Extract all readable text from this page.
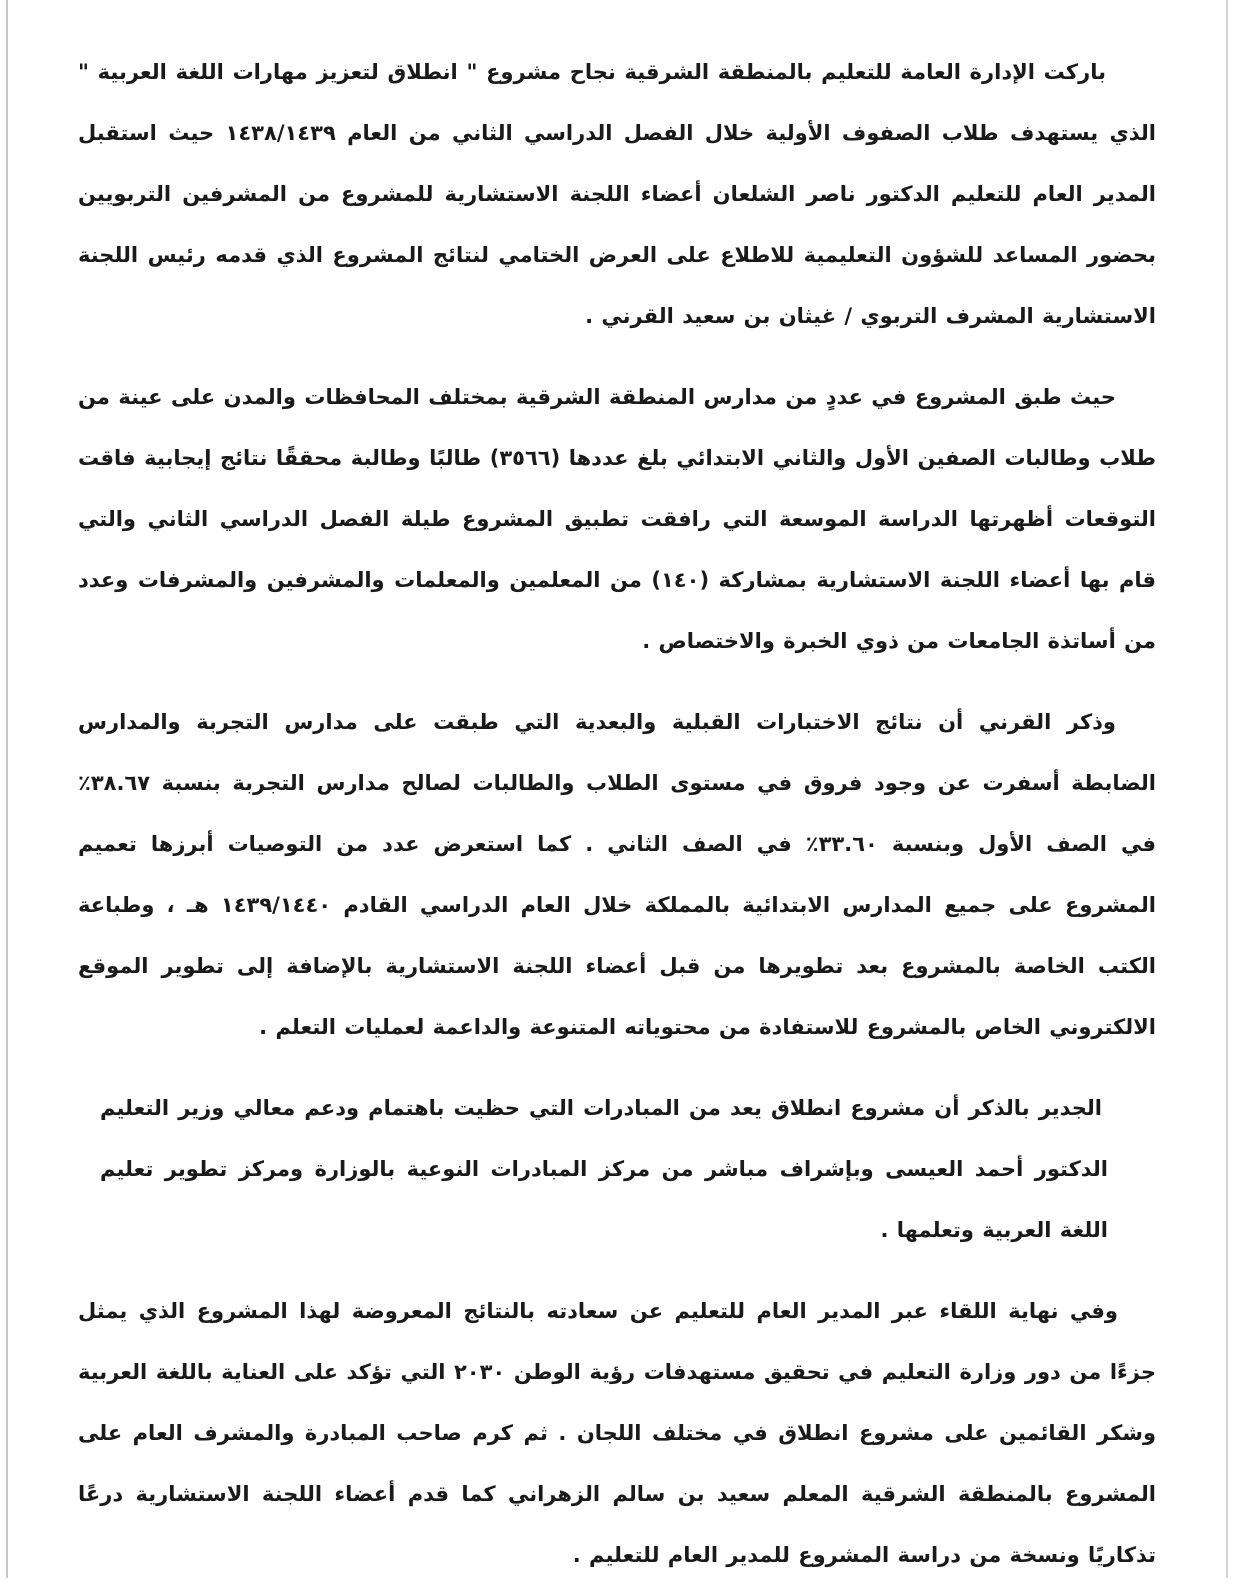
باركت الإدارة العامة للتعليم بالمنطقة الشرقية نجاح مشروع " انطلاق لتعزيز مهارات اللغة العربية " الذي يستهدف طلاب الصفوف الأولية خلال الفصل الدراسي الثاني من العام ١٤٣٨/١٤٣٩ حيث استقبل المدير العام للتعليم الدكتور ناصر الشلعان أعضاء اللجنة الاستشارية للمشروع من المشرفين التربويين بحضور المساعد للشؤون التعليمية للاطلاع على العرض الختامي لنتائج المشروع الذي قدمه رئيس اللجنة الاستشارية المشرف التربوي / غيثان بن سعيد القرني .

حيث طبق المشروع في عددٍ من مدارس المنطقة الشرقية بمختلف المحافظات والمدن على عينة من طلاب وطالبات الصفين الأول والثاني الابتدائي بلغ عددها (٣٥٦٦) طالبًا وطالبة محققًا نتائج إيجابية فاقت التوقعات أظهرتها الدراسة الموسعة التي رافقت تطبيق المشروع طيلة الفصل الدراسي الثاني والتي قام بها أعضاء اللجنة الاستشارية بمشاركة (١٤٠) من المعلمين والمعلمات والمشرفين والمشرفات وعدد من أساتذة الجامعات من ذوي الخبرة والاختصاص .

وذكر القرني أن نتائج الاختبارات القبلية والبعدية التي طبقت على مدارس التجربة والمدارس الضابطة أسفرت عن وجود فروق في مستوى الطلاب والطالبات لصالح مدارس التجربة بنسبة ٣٨.٦٧٪ في الصف الأول وبنسبة ٣٣.٦٠٪ في الصف الثاني . كما استعرض عدد من التوصيات أبرزها تعميم المشروع على جميع المدارس الابتدائية بالمملكة خلال العام الدراسي القادم ١٤٣٩/١٤٤٠ هـ ، وطباعة الكتب الخاصة بالمشروع بعد تطويرها من قبل أعضاء اللجنة الاستشارية بالإضافة إلى تطوير الموقع الالكتروني الخاص بالمشروع للاستفادة من محتوياته المتنوعة والداعمة لعمليات التعلم .

الجدير بالذكر أن مشروع انطلاق يعد من المبادرات التي حظيت باهتمام ودعم معالي وزير التعليم الدكتور أحمد العيسى وبإشراف مباشر من مركز المبادرات النوعية بالوزارة ومركز تطوير تعليم اللغة العربية وتعلمها .

وفي نهاية اللقاء عبر المدير العام للتعليم عن سعادته بالنتائج المعروضة لهذا المشروع الذي يمثل جزءًا من دور وزارة التعليم في تحقيق مستهدفات رؤية الوطن ٢٠٣٠ التي تؤكد على العناية باللغة العربية وشكر القائمين على مشروع انطلاق في مختلف اللجان . ثم كرم صاحب المبادرة والمشرف العام على المشروع بالمنطقة الشرقية المعلم سعيد بن سالم الزهراني كما قدم أعضاء اللجنة الاستشارية درعًا تذكاريًا ونسخة من دراسة المشروع للمدير العام للتعليم .
